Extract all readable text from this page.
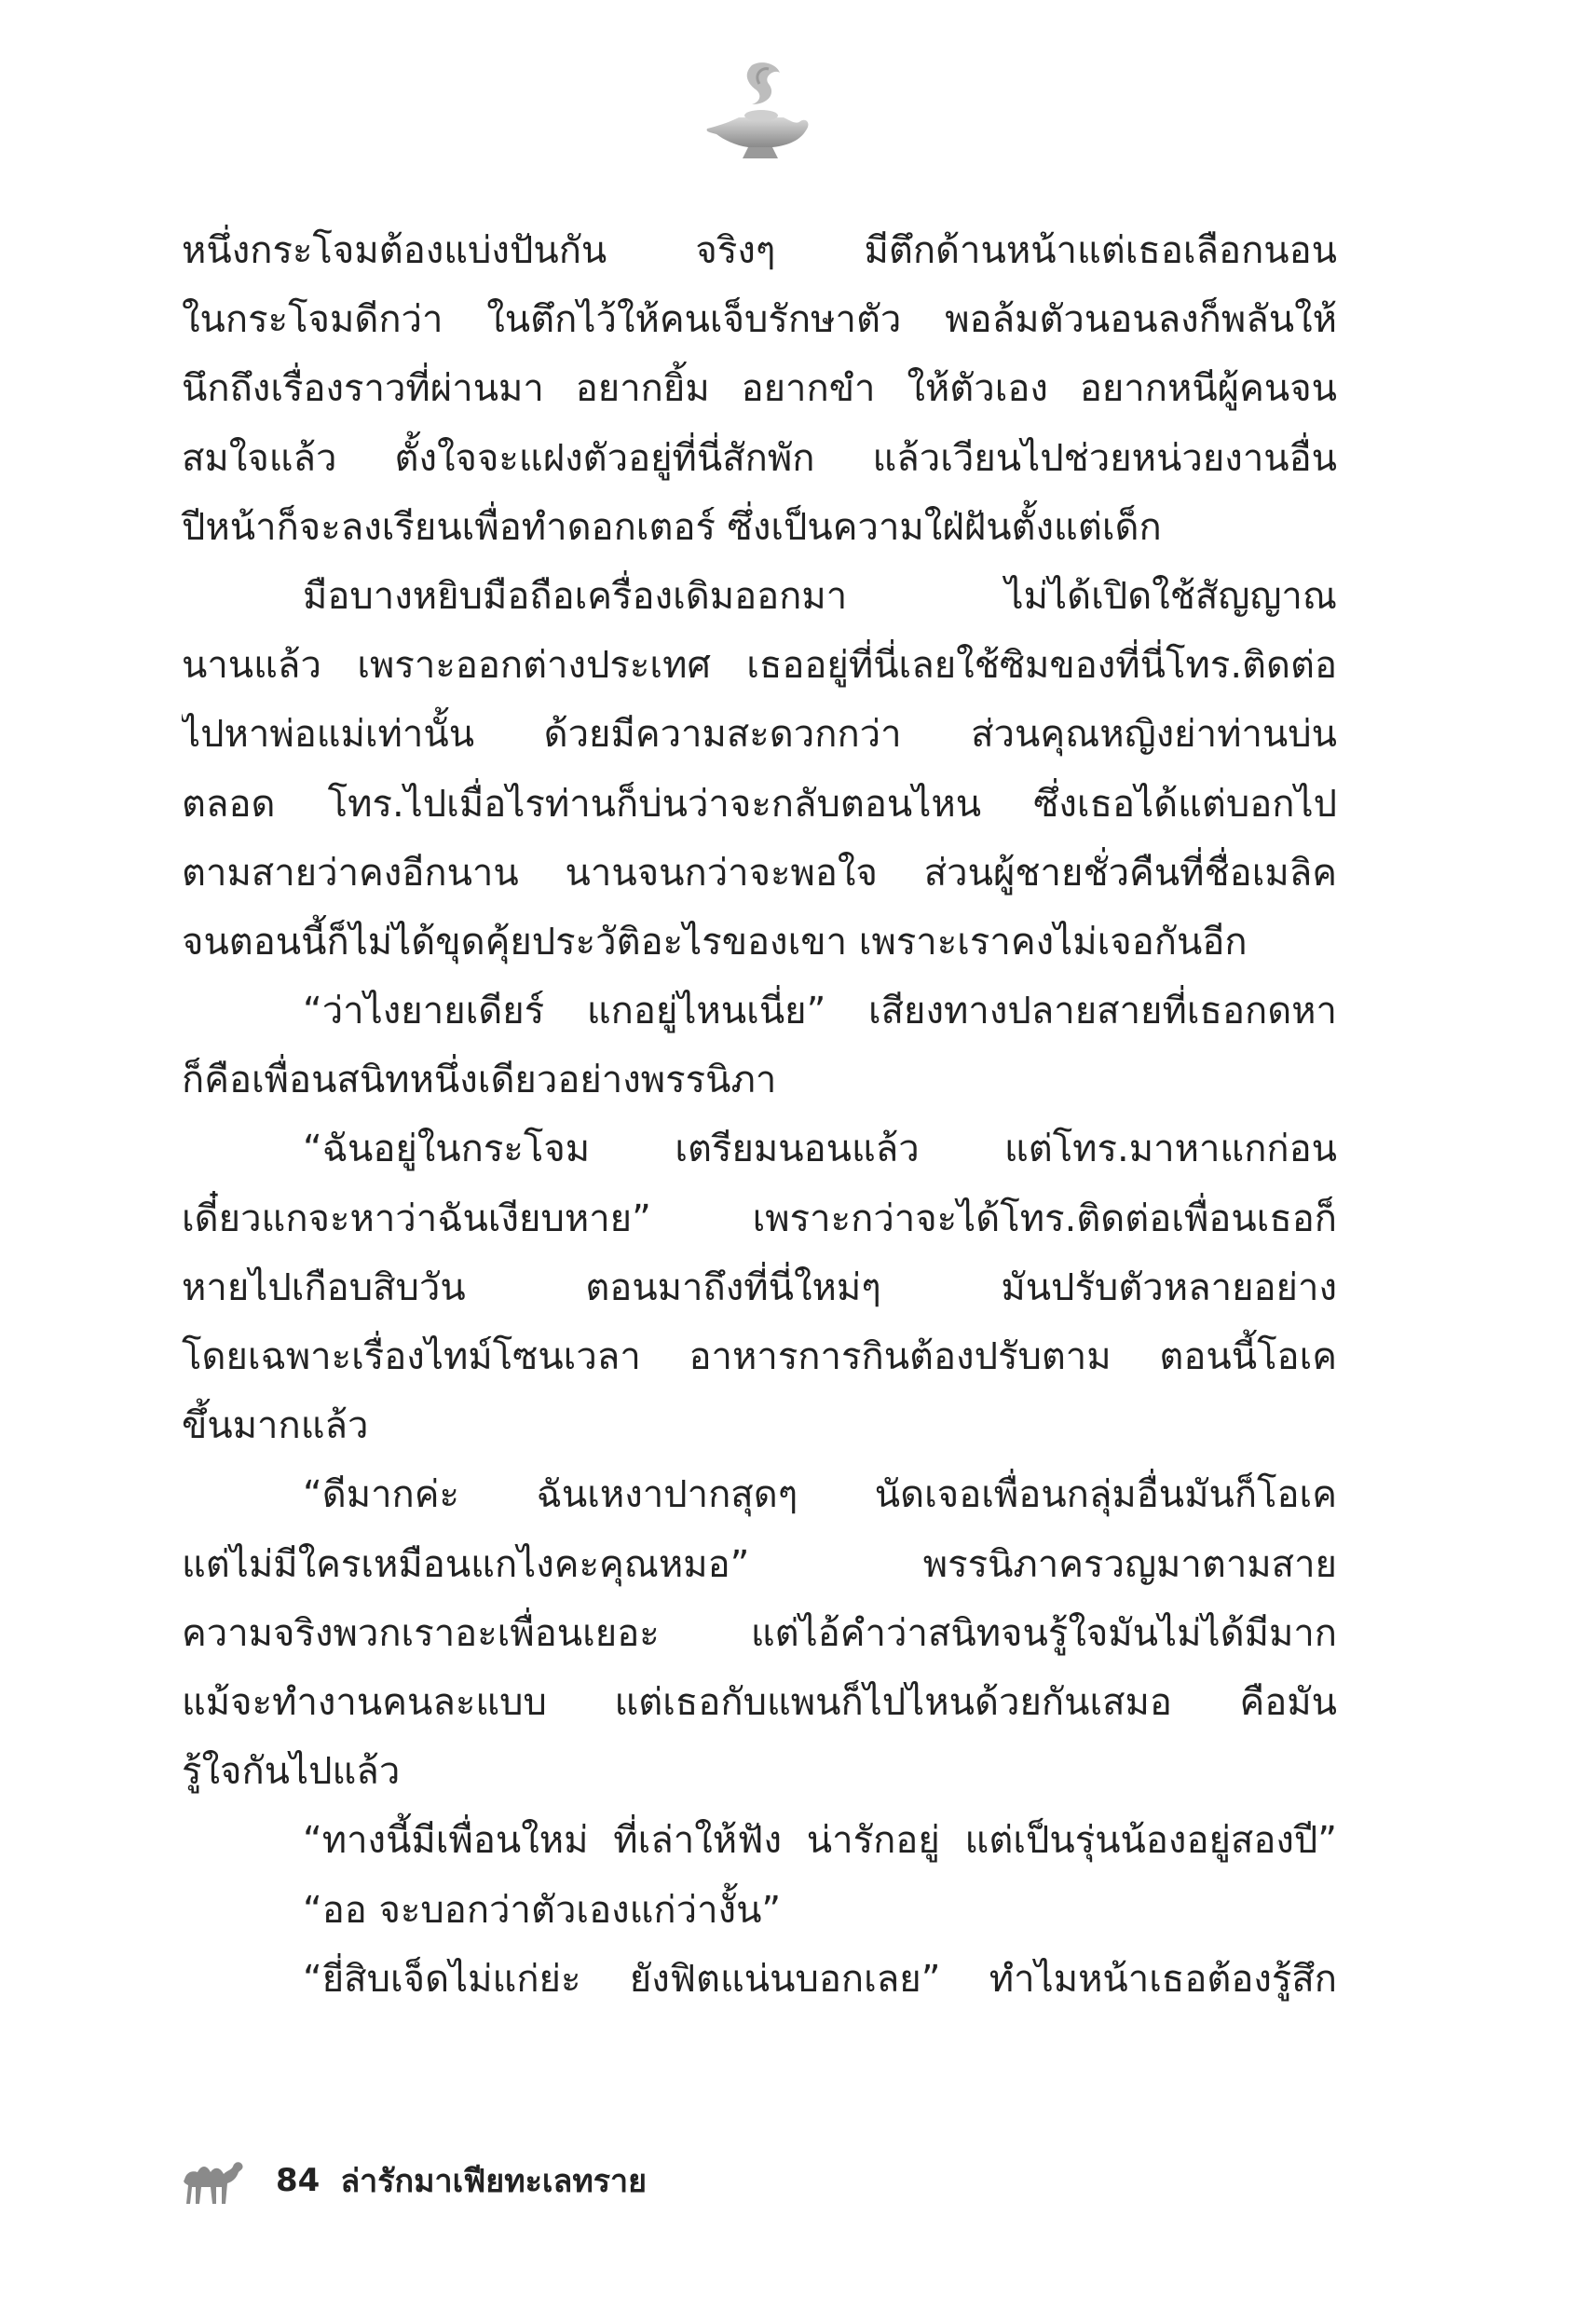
หนึ่งกระโจมต้องแบ่งปันกัน จริงๆ มีตึกด้านหน้าแต่เธอเลือกนอน
ในกระโจมดีกว่า ในตึกไว้ให้คนเจ็บรักษาตัว พอล้มตัวนอนลงก็พลันให้
นึกถึงเรื่องราวที่ผ่านมา อยากยิ้ม อยากขำ ให้ตัวเอง อยากหนีผู้คนจน
สมใจแล้ว ตั้งใจจะแฝงตัวอยู่ที่นี่สักพัก แล้วเวียนไปช่วยหน่วยงานอื่น
ปีหน้าก็จะลงเรียนเพื่อทำดอกเตอร์ ซึ่งเป็นความใฝ่ฝันตั้งแต่เด็ก
มือบางหยิบมือถือเครื่องเดิมออกมา ไม่ได้เปิดใช้สัญญาณ
นานแล้ว เพราะออกต่างประเทศ เธออยู่ที่นี่เลยใช้ซิมของที่นี่โทร.ติดต่อ
ไปหาพ่อแม่เท่านั้น ด้วยมีความสะดวกกว่า ส่วนคุณหญิงย่าท่านบ่น
ตลอด โทร.ไปเมื่อไรท่านก็บ่นว่าจะกลับตอนไหน ซึ่งเธอได้แต่บอกไป
ตามสายว่าคงอีกนาน นานจนกว่าจะพอใจ ส่วนผู้ชายชั่วคืนที่ชื่อเมลิค
จนตอนนี้ก็ไม่ได้ขุดคุ้ยประวัติอะไรของเขา เพราะเราคงไม่เจอกันอีก
“ว่าไงยายเดียร์ แกอยู่ไหนเนี่ย” เสียงทางปลายสายที่เธอกดหา
ก็คือเพื่อนสนิทหนึ่งเดียวอย่างพรรนิภา
“ฉันอยู่ในกระโจม เตรียมนอนแล้ว แต่โทร.มาหาแกก่อน
เดี๋ยวแกจะหาว่าฉันเงียบหาย” เพราะกว่าจะได้โทร.ติดต่อเพื่อนเธอก็
หายไปเกือบสิบวัน ตอนมาถึงที่นี่ใหม่ๆ มันปรับตัวหลายอย่าง
โดยเฉพาะเรื่องไทม์โซนเวลา อาหารการกินต้องปรับตาม ตอนนี้โอเค
ขึ้นมากแล้ว
“ดีมากค่ะ ฉันเหงาปากสุดๆ นัดเจอเพื่อนกลุ่มอื่นมันก็โอเค
แต่ไม่มีใครเหมือนแกไงคะคุณหมอ” พรรนิภาครวญมาตามสาย
ความจริงพวกเราอะเพื่อนเยอะ แต่ไอ้คำว่าสนิทจนรู้ใจมันไม่ได้มีมาก
แม้จะทำงานคนละแบบ แต่เธอกับแพนก็ไปไหนด้วยกันเสมอ คือมัน
รู้ใจกันไปแล้ว
“ทางนี้มีเพื่อนใหม่ ที่เล่าให้ฟัง น่ารักอยู่ แต่เป็นรุ่นน้องอยู่สองปี”
“ออ จะบอกว่าตัวเองแก่ว่างั้น”
“ยี่สิบเจ็ดไม่แก่ย่ะ ยังฟิตแน่นบอกเลย” ทำไมหน้าเธอต้องรู้สึก
84 ล่ารักมาเฟียทะเลทราย
